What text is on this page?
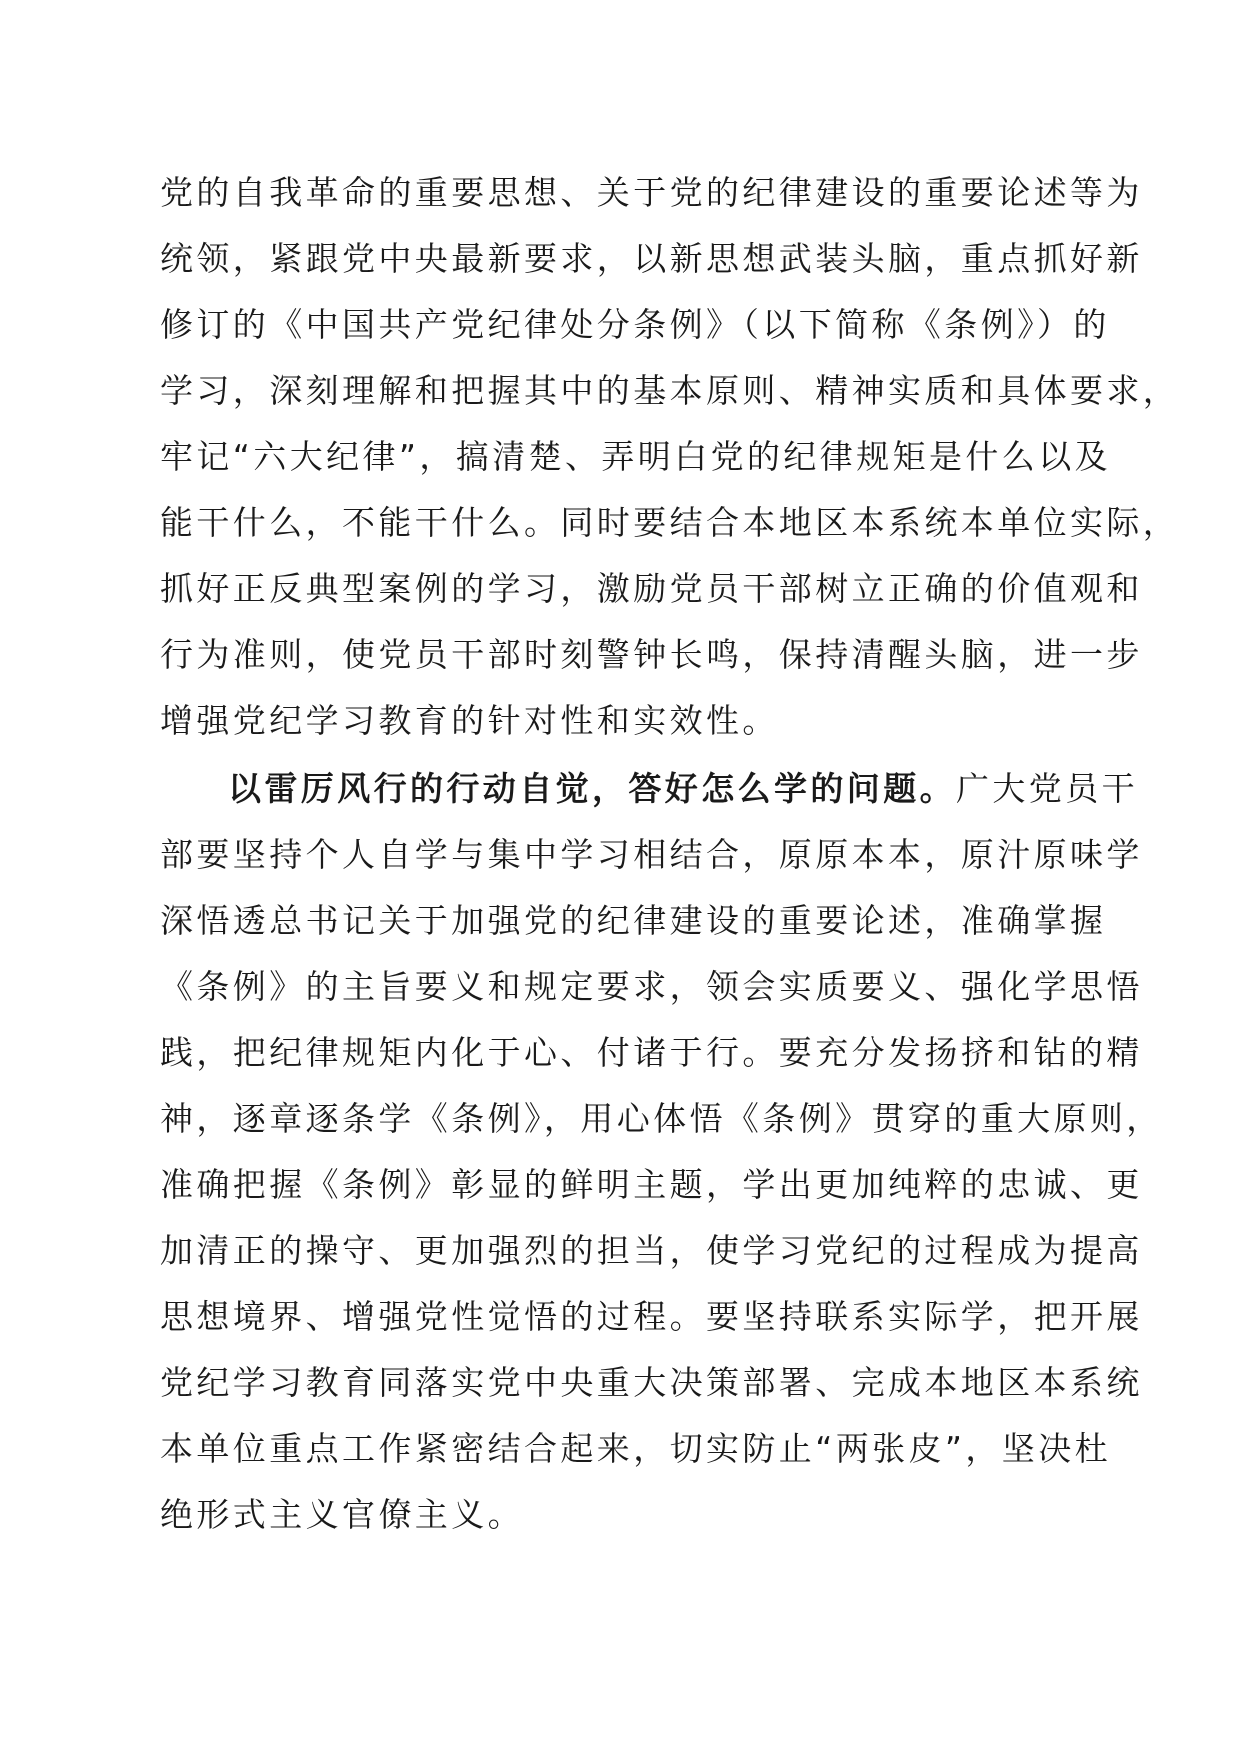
党的自我革命的重要思想、关于党的纪律建设的重要论述等为
统领，紧跟党中央最新要求，以新思想武装头脑，重点抓好新
修订的《中国共产党纪律处分条例》（以下简称《条例》）的
学习，深刻理解和把握其中的基本原则、精神实质和具体要求，
牢记“六大纪律”，搞清楚、弄明白党的纪律规矩是什么以及
能干什么，不能干什么。同时要结合本地区本系统本单位实际，
抓好正反典型案例的学习，激励党员干部树立正确的价值观和
行为准则，使党员干部时刻警钟长鸣，保持清醒头脑，进一步
增强党纪学习教育的针对性和实效性。
以雷厉风行的行动自觉，答好怎么学的问题。广大党员干
部要坚持个人自学与集中学习相结合，原原本本，原汁原味学
深悟透总书记关于加强党的纪律建设的重要论述，准确掌握
《条例》的主旨要义和规定要求，领会实质要义、强化学思悟
践，把纪律规矩内化于心、付诸于行。要充分发扬挤和钻的精
神，逐章逐条学《条例》，用心体悟《条例》贯穿的重大原则，
准确把握《条例》彰显的鲜明主题，学出更加纯粹的忠诚、更
加清正的操守、更加强烈的担当，使学习党纪的过程成为提高
思想境界、增强党性觉悟的过程。要坚持联系实际学，把开展
党纪学习教育同落实党中央重大决策部署、完成本地区本系统
本单位重点工作紧密结合起来，切实防止“两张皮”，坚决杜
绝形式主义官僚主义。
